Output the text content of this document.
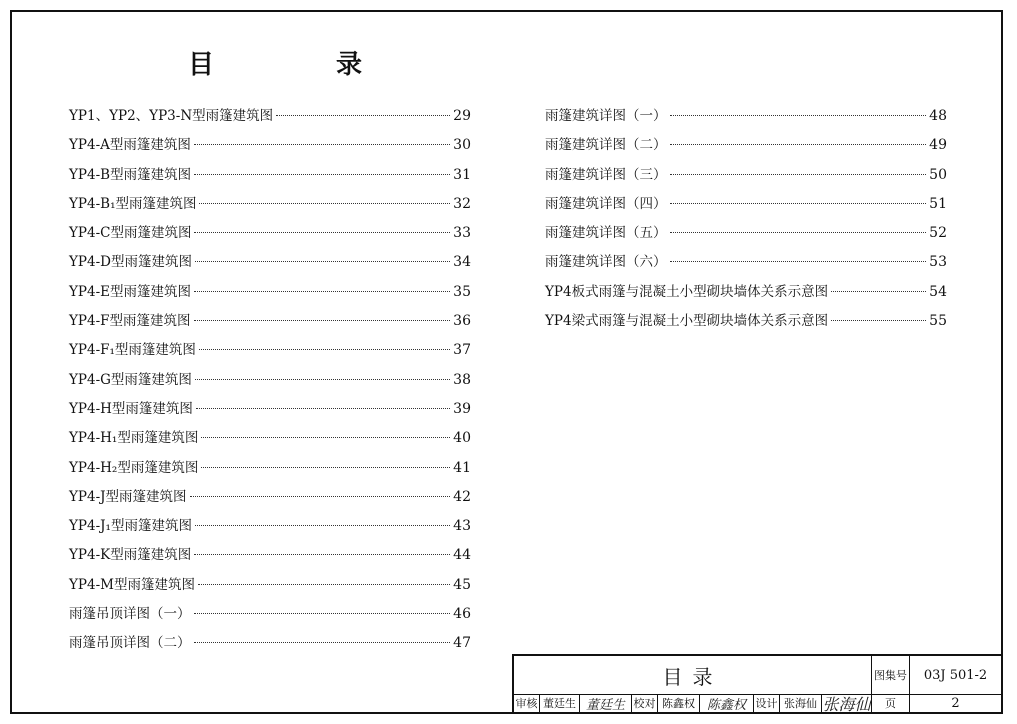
目	录
YP1、YP2、YP3-N型雨篷建筑图	29
YP4-A型雨篷建筑图	30
YP4-B型雨篷建筑图	31
YP4-B₁型雨篷建筑图	32
YP4-C型雨篷建筑图	33
YP4-D型雨篷建筑图	34
YP4-E型雨篷建筑图	35
YP4-F型雨篷建筑图	36
YP4-F₁型雨篷建筑图	37
YP4-G型雨篷建筑图	38
YP4-H型雨篷建筑图	39
YP4-H₁型雨篷建筑图	40
YP4-H₂型雨篷建筑图	41
YP4-J型雨篷建筑图	42
YP4-J₁型雨篷建筑图	43
YP4-K型雨篷建筑图	44
YP4-M型雨篷建筑图	45
雨篷吊顶详图（一）	46
雨篷吊顶详图（二）	47
雨篷建筑详图（一）	48
雨篷建筑详图（二）	49
雨篷建筑详图（三）	50
雨篷建筑详图（四）	51
雨篷建筑详图（五）	52
雨篷建筑详图（六）	53
YP4板式雨篷与混凝土小型砌块墙体关系示意图	54
YP4梁式雨篷与混凝土小型砌块墙体关系示意图	55
目录	图集号 03J 501-2
审核 董廷生 董廷生 校对 陈鑫权 陈鑫权 设计 张海仙 张海仙 页	2
